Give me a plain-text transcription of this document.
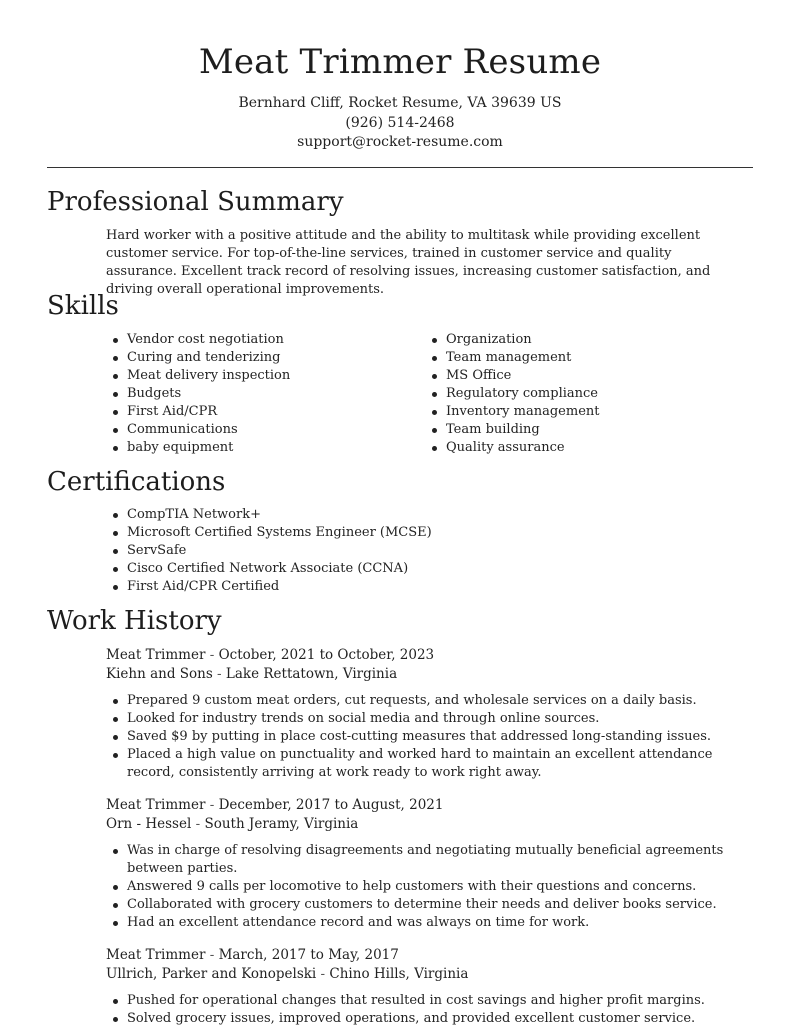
Meat Trimmer Resume
Bernhard Cliff, Rocket Resume, VA 39639 US
(926) 514-2468
support@rocket-resume.com
Professional Summary

Hard worker with a positive attitude and the ability to multitask while providing excellent customer service. For top-of-the-line services, trained in customer service and quality assurance. Excellent track record of resolving issues, increasing customer satisfaction, and driving overall operational improvements.

Skills
Vendor cost negotiation
Curing and tenderizing
Meat delivery inspection
Budgets
First Aid/CPR
Communications
baby equipment
Organization
Team management
MS Office
Regulatory compliance
Inventory management
Team building
Quality assurance
Certifications
CompTIA Network+
Microsoft Certified Systems Engineer (MCSE)
ServSafe
Cisco Certified Network Associate (CCNA)
First Aid/CPR Certified
Work History
Meat Trimmer - October, 2021 to October, 2023
Kiehn and Sons - Lake Rettatown, Virginia
Prepared 9 custom meat orders, cut requests, and wholesale services on a daily basis.
Looked for industry trends on social media and through online sources.
Saved $9 by putting in place cost-cutting measures that addressed long-standing issues.
Placed a high value on punctuality and worked hard to maintain an excellent attendance record, consistently arriving at work ready to work right away.
Meat Trimmer - December, 2017 to August, 2021
Orn - Hessel - South Jeramy, Virginia
Was in charge of resolving disagreements and negotiating mutually beneficial agreements between parties.
Answered 9 calls per locomotive to help customers with their questions and concerns.
Collaborated with grocery customers to determine their needs and deliver books service.
Had an excellent attendance record and was always on time for work.
Meat Trimmer - March, 2017 to May, 2017
Ullrich, Parker and Konopelski - Chino Hills, Virginia
Pushed for operational changes that resulted in cost savings and higher profit margins.
Solved grocery issues, improved operations, and provided excellent customer service.
